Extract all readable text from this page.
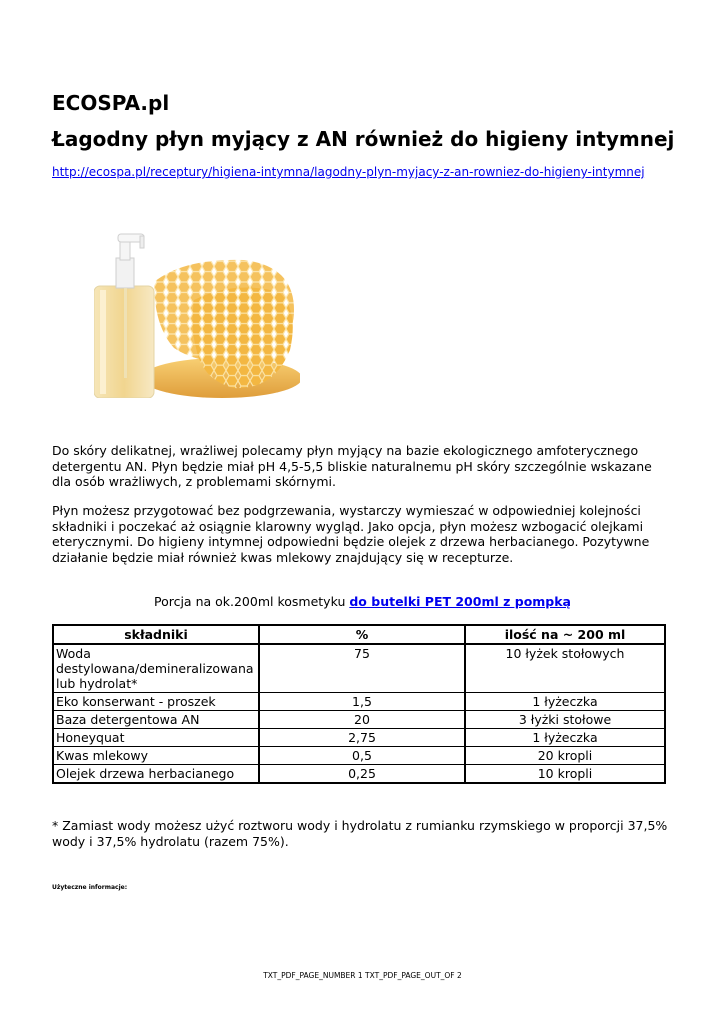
ECOSPA.pl
Łagodny płyn myjący z AN również do higieny intymnej
http://ecospa.pl/receptury/higiena-intymna/lagodny-plyn-myjacy-z-an-rowniez-do-higieny-intymnej

Do skóry delikatnej, wrażliwej polecamy płyn myjący na bazie ekologicznego amfoterycznego detergentu AN. Płyn będzie miał pH 4,5-5,5 bliskie naturalnemu pH skóry szczególnie wskazane dla osób wrażliwych, z problemami skórnymi.

Płyn możesz przygotować bez podgrzewania, wystarczy wymieszać w odpowiedniej kolejności składniki i poczekać aż osiągnie klarowny wygląd. Jako opcja, płyn możesz wzbogacić olejkami eterycznymi. Do higieny intymnej odpowiedni będzie olejek z drzewa herbacianego. Pozytywne działanie będzie miał również kwas mlekowy znajdujący się w recepturze.

Porcja na ok.200ml kosmetyku do butelki PET 200ml z pompką
składniki	%	ilość na ~ 200 ml
Woda destylowana/demineralizowana lub hydrolat*	75	10 łyżek stołowych
Eko konserwant - proszek	1,5	1 łyżeczka
Baza detergentowa AN	20	3 łyżki stołowe
Honeyquat	2,75	1 łyżeczka
Kwas mlekowy	0,5	20 kropli
Olejek drzewa herbacianego	0,25	10 kropli

* Zamiast wody możesz użyć roztworu wody i hydrolatu z rumianku rzymskiego w proporcji 37,5% wody i 37,5% hydrolatu (razem 75%).

Użyteczne informacje:
TXT_PDF_PAGE_NUMBER 1 TXT_PDF_PAGE_OUT_OF 2
